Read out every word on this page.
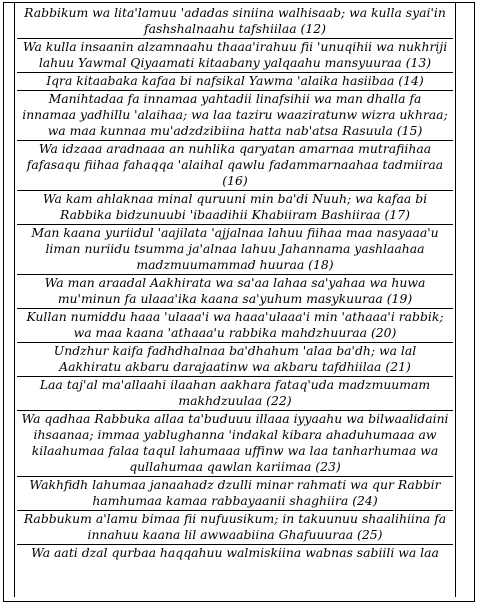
Rabbikum wa lita'lamuu 'adadas siniina walhisaab; wa kulla syai'in fashshalnaahu tafshiilaa (12)
Wa kulla insaanin alzamnaahu thaaa'irahuu fii 'unuqihii wa nukhriji lahuu Yawmal Qiyaamati kitaabany yalqaahu mansyuuraa (13)
Iqra kitaabaka kafaa bi nafsikal Yawma 'alaika hasiibaa (14)
Manihtadaa fa innamaa yahtadii linafsihii wa man dhalla fa innamaa yadhillu 'alaihaa; wa laa taziru waaziratunw wizra ukhraa; wa maa kunnaa mu'adzdzibiina hatta nab'atsa Rasuula (15)
Wa idzaaa aradnaaa an nuhlika qaryatan amarnaa mutrafiihaa fafasaqu fiihaa fahaqqa 'alaihal qawlu fadammarnaahaa tadmiiraa (16)
Wa kam ahlaknaa minal quruuni min ba'di Nuuh; wa kafaa bi Rabbika bidzunuubi 'ibaadihii Khabiiram Bashiiraa (17)
Man kaana yuriidul 'aajilata 'ajjalnaa lahuu fiihaa maa nasyaaa'u liman nuriidu tsumma ja'alnaa lahuu Jahannama yashlaahaa madzmuumammad huuraa (18)
Wa man araadal Aakhirata wa sa'aa lahaa sa'yahaa wa huwa mu'minun fa ulaaa'ika kaana sa'yuhum masykuuraa (19)
Kullan numiddu haaa 'ulaaa'i wa haaa'ulaaa'i min 'athaaa'i rabbik; wa maa kaana 'athaaa'u rabbika mahdzhuuraa (20)
Undzhur kaifa fadhdhalnaa ba'dhahum 'alaa ba'dh; wa lal Aakhiratu akbaru darajaatinw wa akbaru tafdhiilaa (21)
Laa taj'al ma'allaahi ilaahan aakhara fataq'uda madzmuumam makhdzuulaa (22)
Wa qadhaa Rabbuka allaa ta'buduuu illaaa iyyaahu wa bilwaalidaini ihsaanaa; immaa yablughanna 'indakal kibara ahaduhumaaa aw kilaahumaa falaa taqul lahumaaa uffinw wa laa tanharhumaa wa qullahumaa qawlan kariimaa (23)
Wakhfidh lahumaa janaahadz dzulli minar rahmati wa qur Rabbir hamhumaa kamaa rabbayaanii shaghiira (24)
Rabbukum a'lamu bimaa fii nufuusikum; in takuunuu shaalihiina fa innahuu kaana lil awwaabiina Ghafuuuraa (25)
Wa aati dzal qurbaa haqqahuu walmiskiina wabnas sabiili wa laa
